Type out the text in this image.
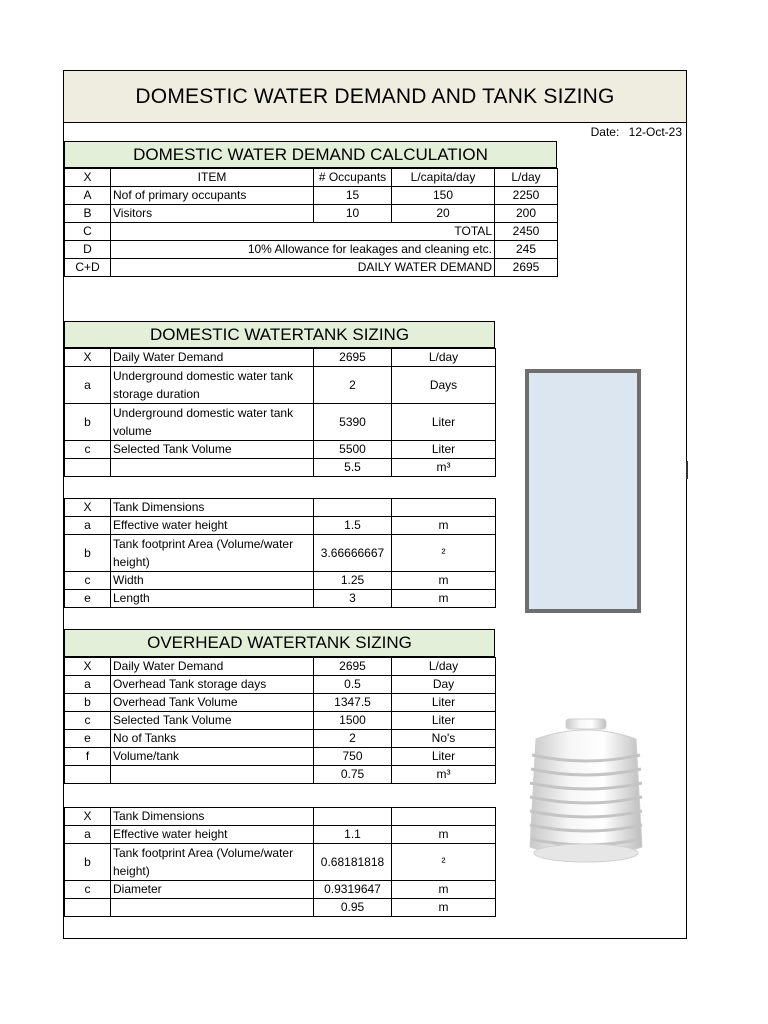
DOMESTIC WATER DEMAND AND TANK SIZING
Date: 12-Oct-23
DOMESTIC WATER DEMAND CALCULATION
X	ITEM	# Occupants	L/capita/day	L/day
A	Nof of primary occupants	15	150	2250
B	Visitors	10	20	200
C	TOTAL			2450
D	10% Allowance for leakages and cleaning etc.			245
C+D	DAILY WATER DEMAND			2695
DOMESTIC WATERTANK SIZING
X	Daily Water Demand	2695	L/day
a	Underground domestic water tank storage duration	2	Days
b	Underground domestic water tank volume	5390	Liter
c	Selected Tank Volume	5500	Liter
		5.5	m³
X	Tank Dimensions		
a	Effective water height	1.5	m
b	Tank footprint Area (Volume/water height)	3.66666667	²
c	Width	1.25	m
e	Length	3	m
OVERHEAD WATERTANK SIZING
X	Daily Water Demand	2695	L/day
a	Overhead Tank storage days	0.5	Day
b	Overhead Tank Volume	1347.5	Liter
c	Selected Tank Volume	1500	Liter
e	No of Tanks	2	No's
f	Volume/tank	750	Liter
		0.75	m³
X	Tank Dimensions		
a	Effective water height	1.1	m
b	Tank footprint Area (Volume/water height)	0.68181818	²
c	Diameter	0.9319647	m
		0.95	m
